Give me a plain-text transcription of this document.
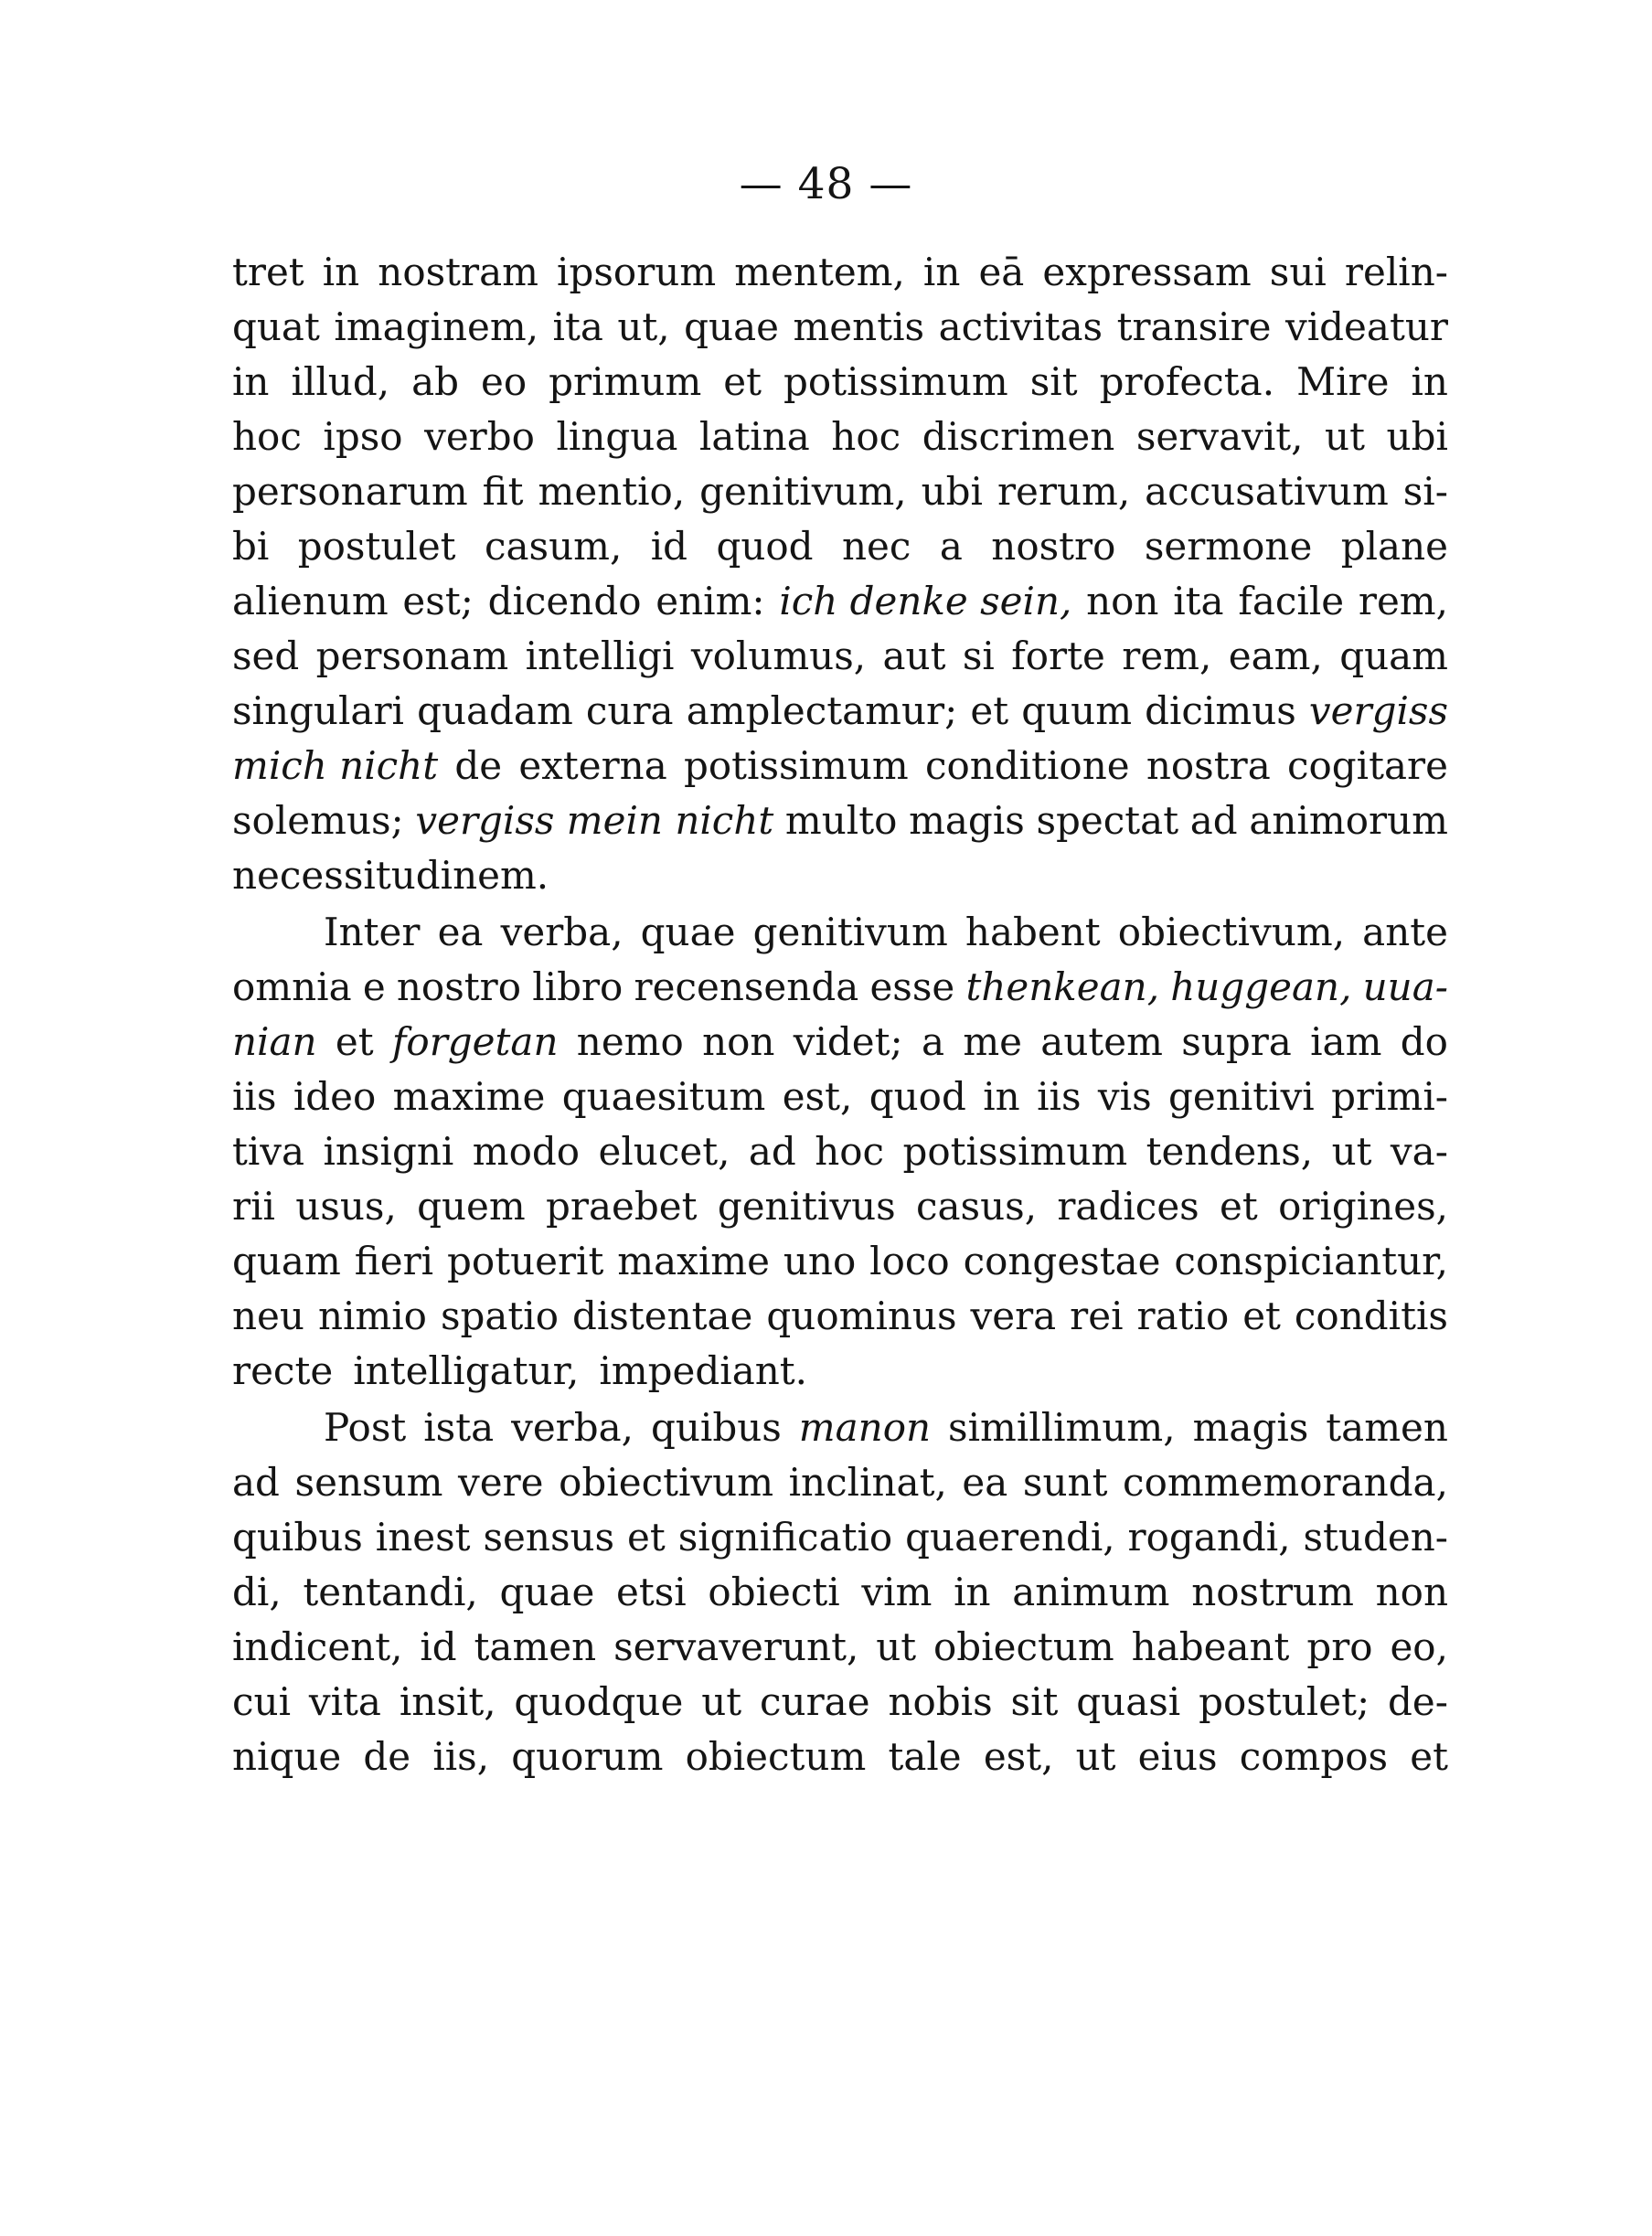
— 48 —
tret in nostram ipsorum mentem, in eā expressam sui relin-
quat imaginem, ita ut, quae mentis activitas transire videatur
in illud, ab eo primum et potissimum sit profecta. Mire in
hoc ipso verbo lingua latina hoc discrimen servavit, ut ubi
personarum fit mentio, genitivum, ubi rerum, accusativum si-
bi postulet casum, id quod nec a nostro sermone plane
alienum est; dicendo enim: ich denke sein, non ita facile rem,
sed personam intelligi volumus, aut si forte rem, eam, quam
singulari quadam cura amplectamur; et quum dicimus vergiss
mich nicht de externa potissimum conditione nostra cogitare
solemus; vergiss mein nicht multo magis spectat ad animorum
necessitudinem.
Inter ea verba, quae genitivum habent obiectivum, ante
omnia e nostro libro recensenda esse thenkean, huggean, uua-
nian et forgetan nemo non videt; a me autem supra iam do
iis ideo maxime quaesitum est, quod in iis vis genitivi primi-
tiva insigni modo elucet, ad hoc potissimum tendens, ut va-
rii usus, quem praebet genitivus casus, radices et origines,
quam fieri potuerit maxime uno loco congestae conspiciantur,
neu nimio spatio distentae quominus vera rei ratio et conditis
recte intelligatur, impediant.
Post ista verba, quibus manon simillimum, magis tamen
ad sensum vere obiectivum inclinat, ea sunt commemoranda,
quibus inest sensus et significatio quaerendi, rogandi, studen-
di, tentandi, quae etsi obiecti vim in animum nostrum non
indicent, id tamen servaverunt, ut obiectum habeant pro eo,
cui vita insit, quodque ut curae nobis sit quasi postulet; de-
nique de iis, quorum obiectum tale est, ut eius compos et
